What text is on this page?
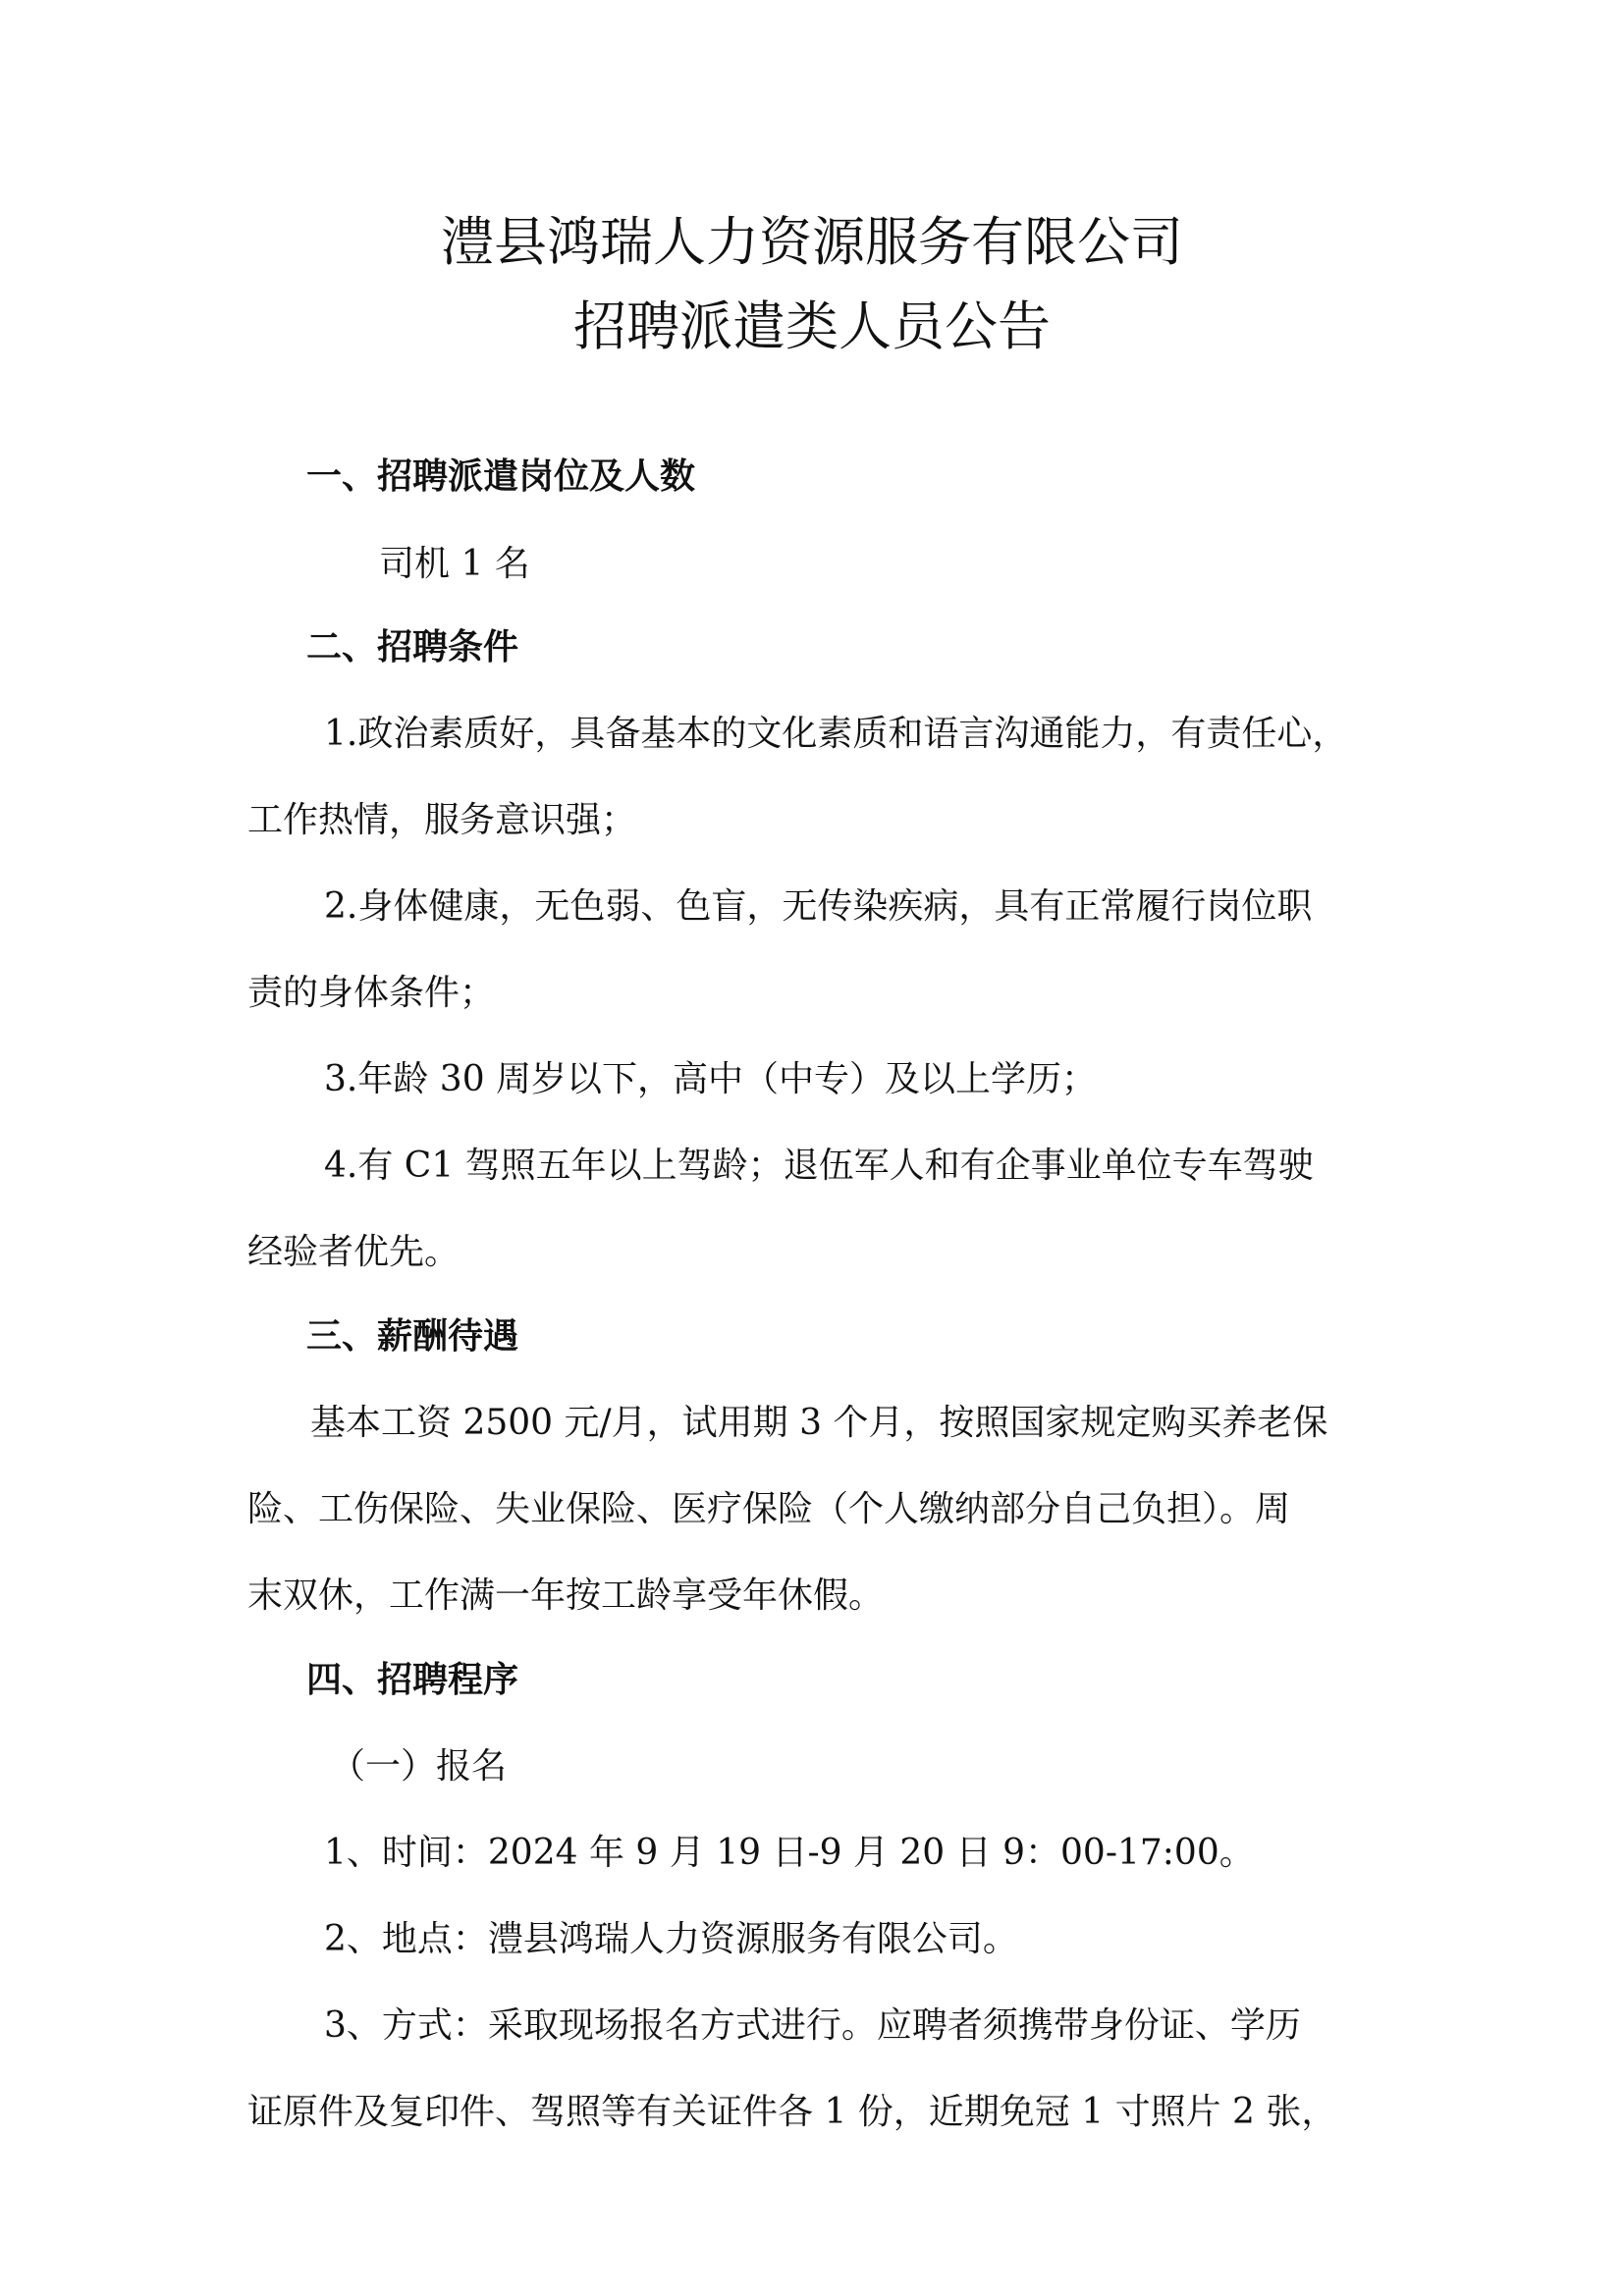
澧县鸿瑞人力资源服务有限公司
招聘派遣类人员公告
一、招聘派遣岗位及人数
司机 1 名
二、招聘条件
1.政治素质好，具备基本的文化素质和语言沟通能力，有责任心，
工作热情，服务意识强；
2.身体健康，无色弱、色盲，无传染疾病，具有正常履行岗位职
责的身体条件；
3.年龄 30 周岁以下，高中（中专）及以上学历；
4.有 C1 驾照五年以上驾龄；退伍军人和有企事业单位专车驾驶
经验者优先。
三、薪酬待遇
基本工资 2500 元/月，试用期 3 个月，按照国家规定购买养老保
险、工伤保险、失业保险、医疗保险（个人缴纳部分自己负担）。周
末双休，工作满一年按工龄享受年休假。
四、招聘程序
（一）报名
1、时间：2024 年 9 月 19 日-9 月 20 日 9：00-17:00。
2、地点：澧县鸿瑞人力资源服务有限公司。
3、方式：采取现场报名方式进行。应聘者须携带身份证、学历
证原件及复印件、驾照等有关证件各 1 份，近期免冠 1 寸照片 2 张，
